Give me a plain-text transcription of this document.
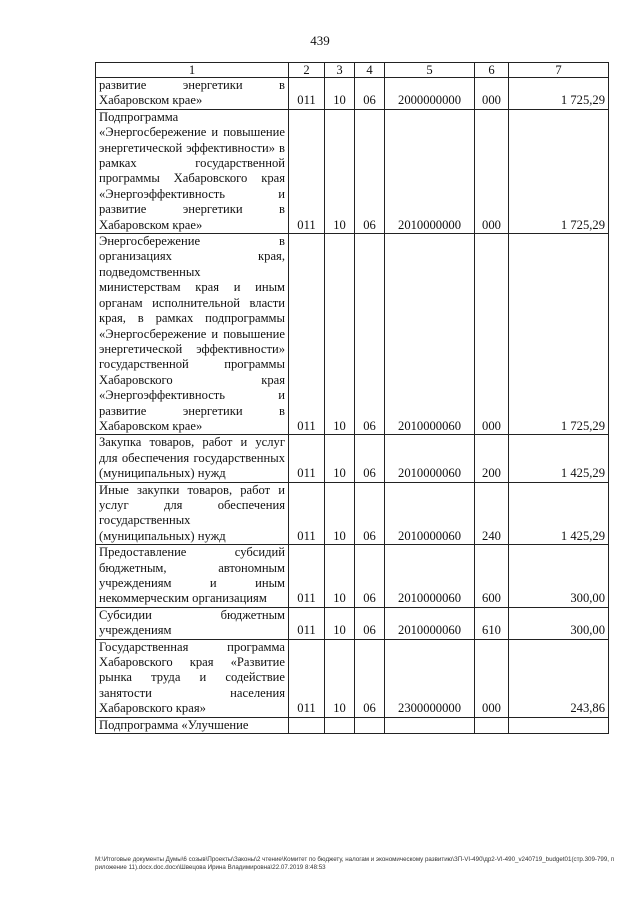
439
1	2	3	4	5	6	7
развитие энергетики в Хабаровском крае»	011	10	06	2000000000	000	1 725,29
Подпрограмма «Энергосбережение и повышение энергетической эффективности» в рамках государственной программы Хабаровского края «Энергоэффективность и развитие энергетики в Хабаровском крае»	011	10	06	2010000000	000	1 725,29
Энергосбережение в организациях края, подведомственных министерствам края и иным органам исполнительной власти края, в рамках подпрограммы «Энергосбережение и повышение энергетической эффективности» государственной программы Хабаровского края «Энергоэффективность и развитие энергетики в Хабаровском крае»	011	10	06	2010000060	000	1 725,29
Закупка товаров, работ и услуг для обеспечения государственных (муниципальных) нужд	011	10	06	2010000060	200	1 425,29
Иные закупки товаров, работ и услуг для обеспечения государственных (муниципальных) нужд	011	10	06	2010000060	240	1 425,29
Предоставление субсидий бюджетным, автономным учреждениям и иным некоммерческим организациям	011	10	06	2010000060	600	300,00
Субсидии бюджетным учреждениям	011	10	06	2010000060	610	300,00
Государственная программа Хабаровского края «Развитие рынка труда и содействие занятости населения Хабаровского края»	011	10	06	2300000000	000	243,86
Подпрограмма «Улучшение						
M:\Итоговые документы Думы\6 созыв\Проекты\Законы\2 чтение\Комитет по бюджету, налогам и экономическому развитию\ЗП-VI-490\др2-VI-490_v240719_budget01(стр.309-799, приложение 11).docx.doc.docx\Швецова Ирина Владимировна\22.07.2019 8:48:53
